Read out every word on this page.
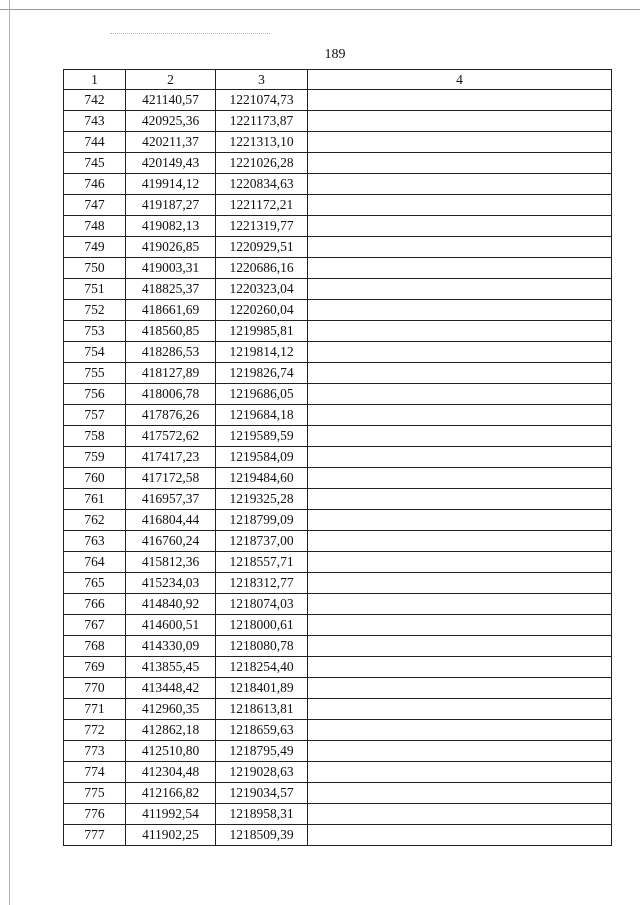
189
1	2	3	4
742	421140,57	1221074,73	
743	420925,36	1221173,87	
744	420211,37	1221313,10	
745	420149,43	1221026,28	
746	419914,12	1220834,63	
747	419187,27	1221172,21	
748	419082,13	1221319,77	
749	419026,85	1220929,51	
750	419003,31	1220686,16	
751	418825,37	1220323,04	
752	418661,69	1220260,04	
753	418560,85	1219985,81	
754	418286,53	1219814,12	
755	418127,89	1219826,74	
756	418006,78	1219686,05	
757	417876,26	1219684,18	
758	417572,62	1219589,59	
759	417417,23	1219584,09	
760	417172,58	1219484,60	
761	416957,37	1219325,28	
762	416804,44	1218799,09	
763	416760,24	1218737,00	
764	415812,36	1218557,71	
765	415234,03	1218312,77	
766	414840,92	1218074,03	
767	414600,51	1218000,61	
768	414330,09	1218080,78	
769	413855,45	1218254,40	
770	413448,42	1218401,89	
771	412960,35	1218613,81	
772	412862,18	1218659,63	
773	412510,80	1218795,49	
774	412304,48	1219028,63	
775	412166,82	1219034,57	
776	411992,54	1218958,31	
777	411902,25	1218509,39	
